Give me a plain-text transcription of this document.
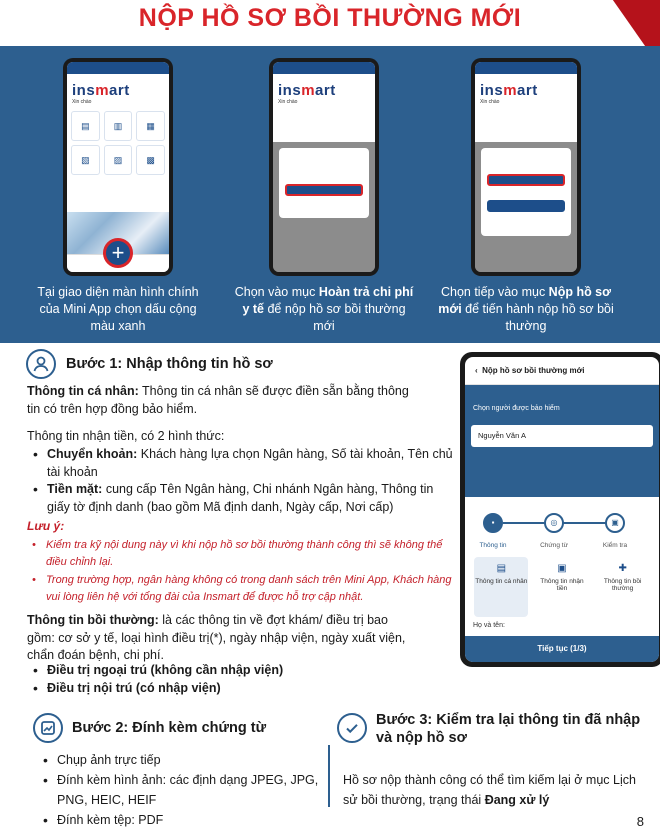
NỘP HỒ SƠ BỒI THƯỜNG MỚI
insmart
Xin chào
▤	▥	▦
▧	▨	▩
+

Tại giao diện màn hình chính của Mini App chọn dấu cộng màu xanh

insmart
Xin chào

Chọn vào mục Hoàn trả chi phí y tế để nộp hồ sơ bồi thường mới

insmart
Xin chào

Chọn tiếp vào mục Nộp hồ sơ mới để tiến hành nộp hồ sơ bồi thường

Bước 1: Nhập thông tin hồ sơ

Thông tin cá nhân: Thông tin cá nhân sẽ được điền sẵn bằng thông tin có trên hợp đồng bảo hiểm.

Thông tin nhận tiền, có 2 hình thức:

• Chuyển khoản: Khách hàng lựa chọn Ngân hàng, Số tài khoản, Tên chủ tài khoản
• Tiền mặt: cung cấp Tên Ngân hàng, Chi nhánh Ngân hàng, Thông tin giấy tờ định danh (bao gồm Mã định danh, Ngày cấp, Nơi cấp)

Lưu ý:

• Kiểm tra kỹ nội dung này vì khi nộp hồ sơ bồi thường thành công thì sẽ không thể điều chỉnh lại.
• Trong trường hợp, ngân hàng không có trong danh sách trên Mini App, Khách hàng vui lòng liên hệ với tổng đài của Insmart để được hỗ trợ cập nhật.

Thông tin bồi thường: là các thông tin về đợt khám/ điều trị bao gồm: cơ sở y tế, loại hình điều trị(*), ngày nhập viện, ngày xuất viện, chẩn đoán bệnh, chi phí.

• Điều trị ngoại trú (không cần nhập viện)
• Điều trị nội trú (có nhập viện)
‹  Nộp hồ sơ bồi thường mới
Chọn người được bảo hiểm
Nguyễn Văn A
▪	◎	▣
Thông tin	Chứng từ	Kiểm tra
▤
Thông tin cá nhân
▣
Thông tin nhận tiền
✚
Thông tin bồi thường
Họ và tên:
Tiếp tục (1/3)
Bước 2: Đính kèm chứng từ
• Chụp ảnh trực tiếp
• Đính kèm hình ảnh: các định dạng JPEG, JPG, PNG, HEIC, HEIF
• Đính kèm tệp: PDF
Bước 3: Kiểm tra lại thông tin đã nhập và nộp hồ sơ

Hồ sơ nộp thành công có thể tìm kiếm lại ở mục Lịch sử bồi thường, trạng thái Đang xử lý

8
